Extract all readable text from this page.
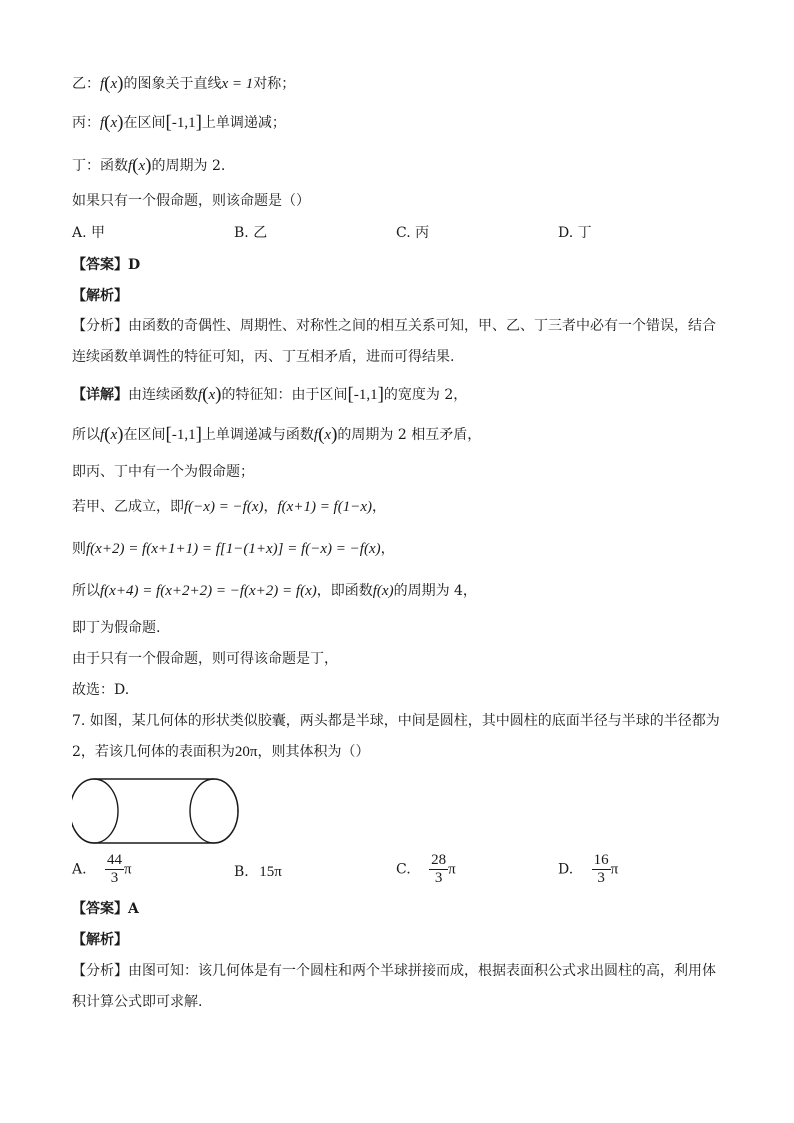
乙：f(x)的图象关于直线x = 1对称；
丙：f(x)在区间[-1,1]上单调递减；
丁：函数f(x)的周期为 2.
如果只有一个假命题，则该命题是（）
A. 甲	B. 乙	C. 丙	D. 丁
【答案】D
【解析】
【分析】由函数的奇偶性、周期性、对称性之间的相互关系可知，甲、乙、丁三者中必有一个错误，结合
连续函数单调性的特征可知，丙、丁互相矛盾，进而可得结果.
【详解】由连续函数f(x)的特征知：由于区间[-1,1]的宽度为 2，
所以f(x)在区间[-1,1]上单调递减与函数f(x)的周期为 2 相互矛盾，
即丙、丁中有一个为假命题；
若甲、乙成立，即f(−x) = −f(x)，f(x+1) = f(1−x)，
则f(x+2) = f(x+1+1) = f[1−(1+x)] = f(−x) = −f(x)，
所以f(x+4) = f(x+2+2) = −f(x+2) = f(x)，即函数f(x)的周期为 4，
即丁为假命题.
由于只有一个假命题，则可得该命题是丁，
故选：D.
7. 如图，某几何体的形状类似胶囊，两头都是半球，中间是圆柱，其中圆柱的底面半径与半球的半径都为
2，若该几何体的表面积为20π，则其体积为（）
A. $\frac{44}{3}$ π	B. 15π	C. $\frac{28}{3}$ π	D. $\frac{16}{3}$ π
【答案】A
【解析】
【分析】由图可知：该几何体是有一个圆柱和两个半球拼接而成，根据表面积公式求出圆柱的高，利用体
积计算公式即可求解.
